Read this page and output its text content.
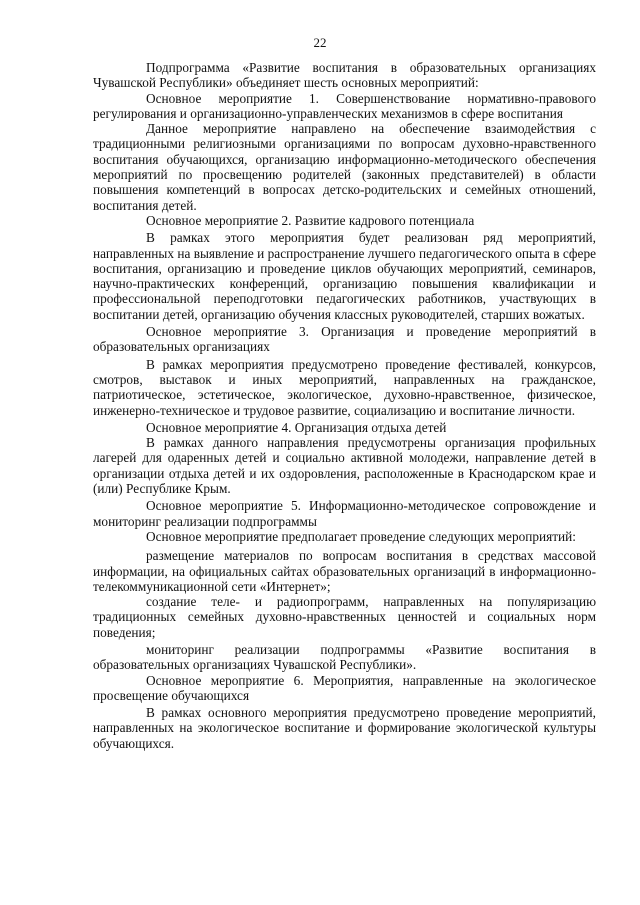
22

Подпрограмма «Развитие воспитания в образовательных организациях Чувашской Республики» объединяет шесть основных мероприятий:

Основное мероприятие 1. Совершенствование нормативно-правового регулирования и организационно-управленческих механизмов в сфере воспитания

Данное мероприятие направлено на обеспечение взаимодействия с традиционными религиозными организациями по вопросам духовно-нравственного воспитания обучающихся, организацию информационно-методического обеспечения мероприятий по просвещению родителей (законных представителей) в области повышения компетенций в вопросах детско-родительских и семейных отношений, воспитания детей.

Основное мероприятие 2. Развитие кадрового потенциала

В рамках этого мероприятия будет реализован ряд мероприятий, направленных на выявление и распространение лучшего педагогического опыта в сфере воспитания, организацию и проведение циклов обучающих мероприятий, семинаров, научно-практических конференций, организацию повышения квалификации и профессиональной переподготовки педагогических работников, участвующих в воспитании детей, организацию обучения классных руководителей, старших вожатых.

Основное мероприятие 3. Организация и проведение мероприятий в образовательных организациях

В рамках мероприятия предусмотрено проведение фестивалей, конкурсов, смотров, выставок и иных мероприятий, направленных на гражданское, патриотическое, эстетическое, экологическое, духовно-нравственное, физическое, инженерно-техническое и трудовое развитие, социализацию и воспитание личности.

Основное мероприятие 4. Организация отдыха детей

В рамках данного направления предусмотрены организация профильных лагерей для одаренных детей и социально активной молодежи, направление детей в организации отдыха детей и их оздоровления, расположенные в Краснодарском крае и (или) Республике Крым.

Основное мероприятие 5. Информационно-методическое сопровождение и мониторинг реализации подпрограммы

Основное мероприятие предполагает проведение следующих мероприятий:

размещение материалов по вопросам воспитания в средствах массовой информации, на официальных сайтах образовательных организаций в информационно-телекоммуникационной сети «Интернет»;

создание теле- и радиопрограмм, направленных на популяризацию традиционных семейных духовно-нравственных ценностей и социальных норм поведения;

мониторинг реализации подпрограммы «Развитие воспитания в образовательных организациях Чувашской Республики».

Основное мероприятие 6. Мероприятия, направленные на экологическое просвещение обучающихся

В рамках основного мероприятия предусмотрено проведение мероприятий, направленных на экологическое воспитание и формирование экологической культуры обучающихся.
